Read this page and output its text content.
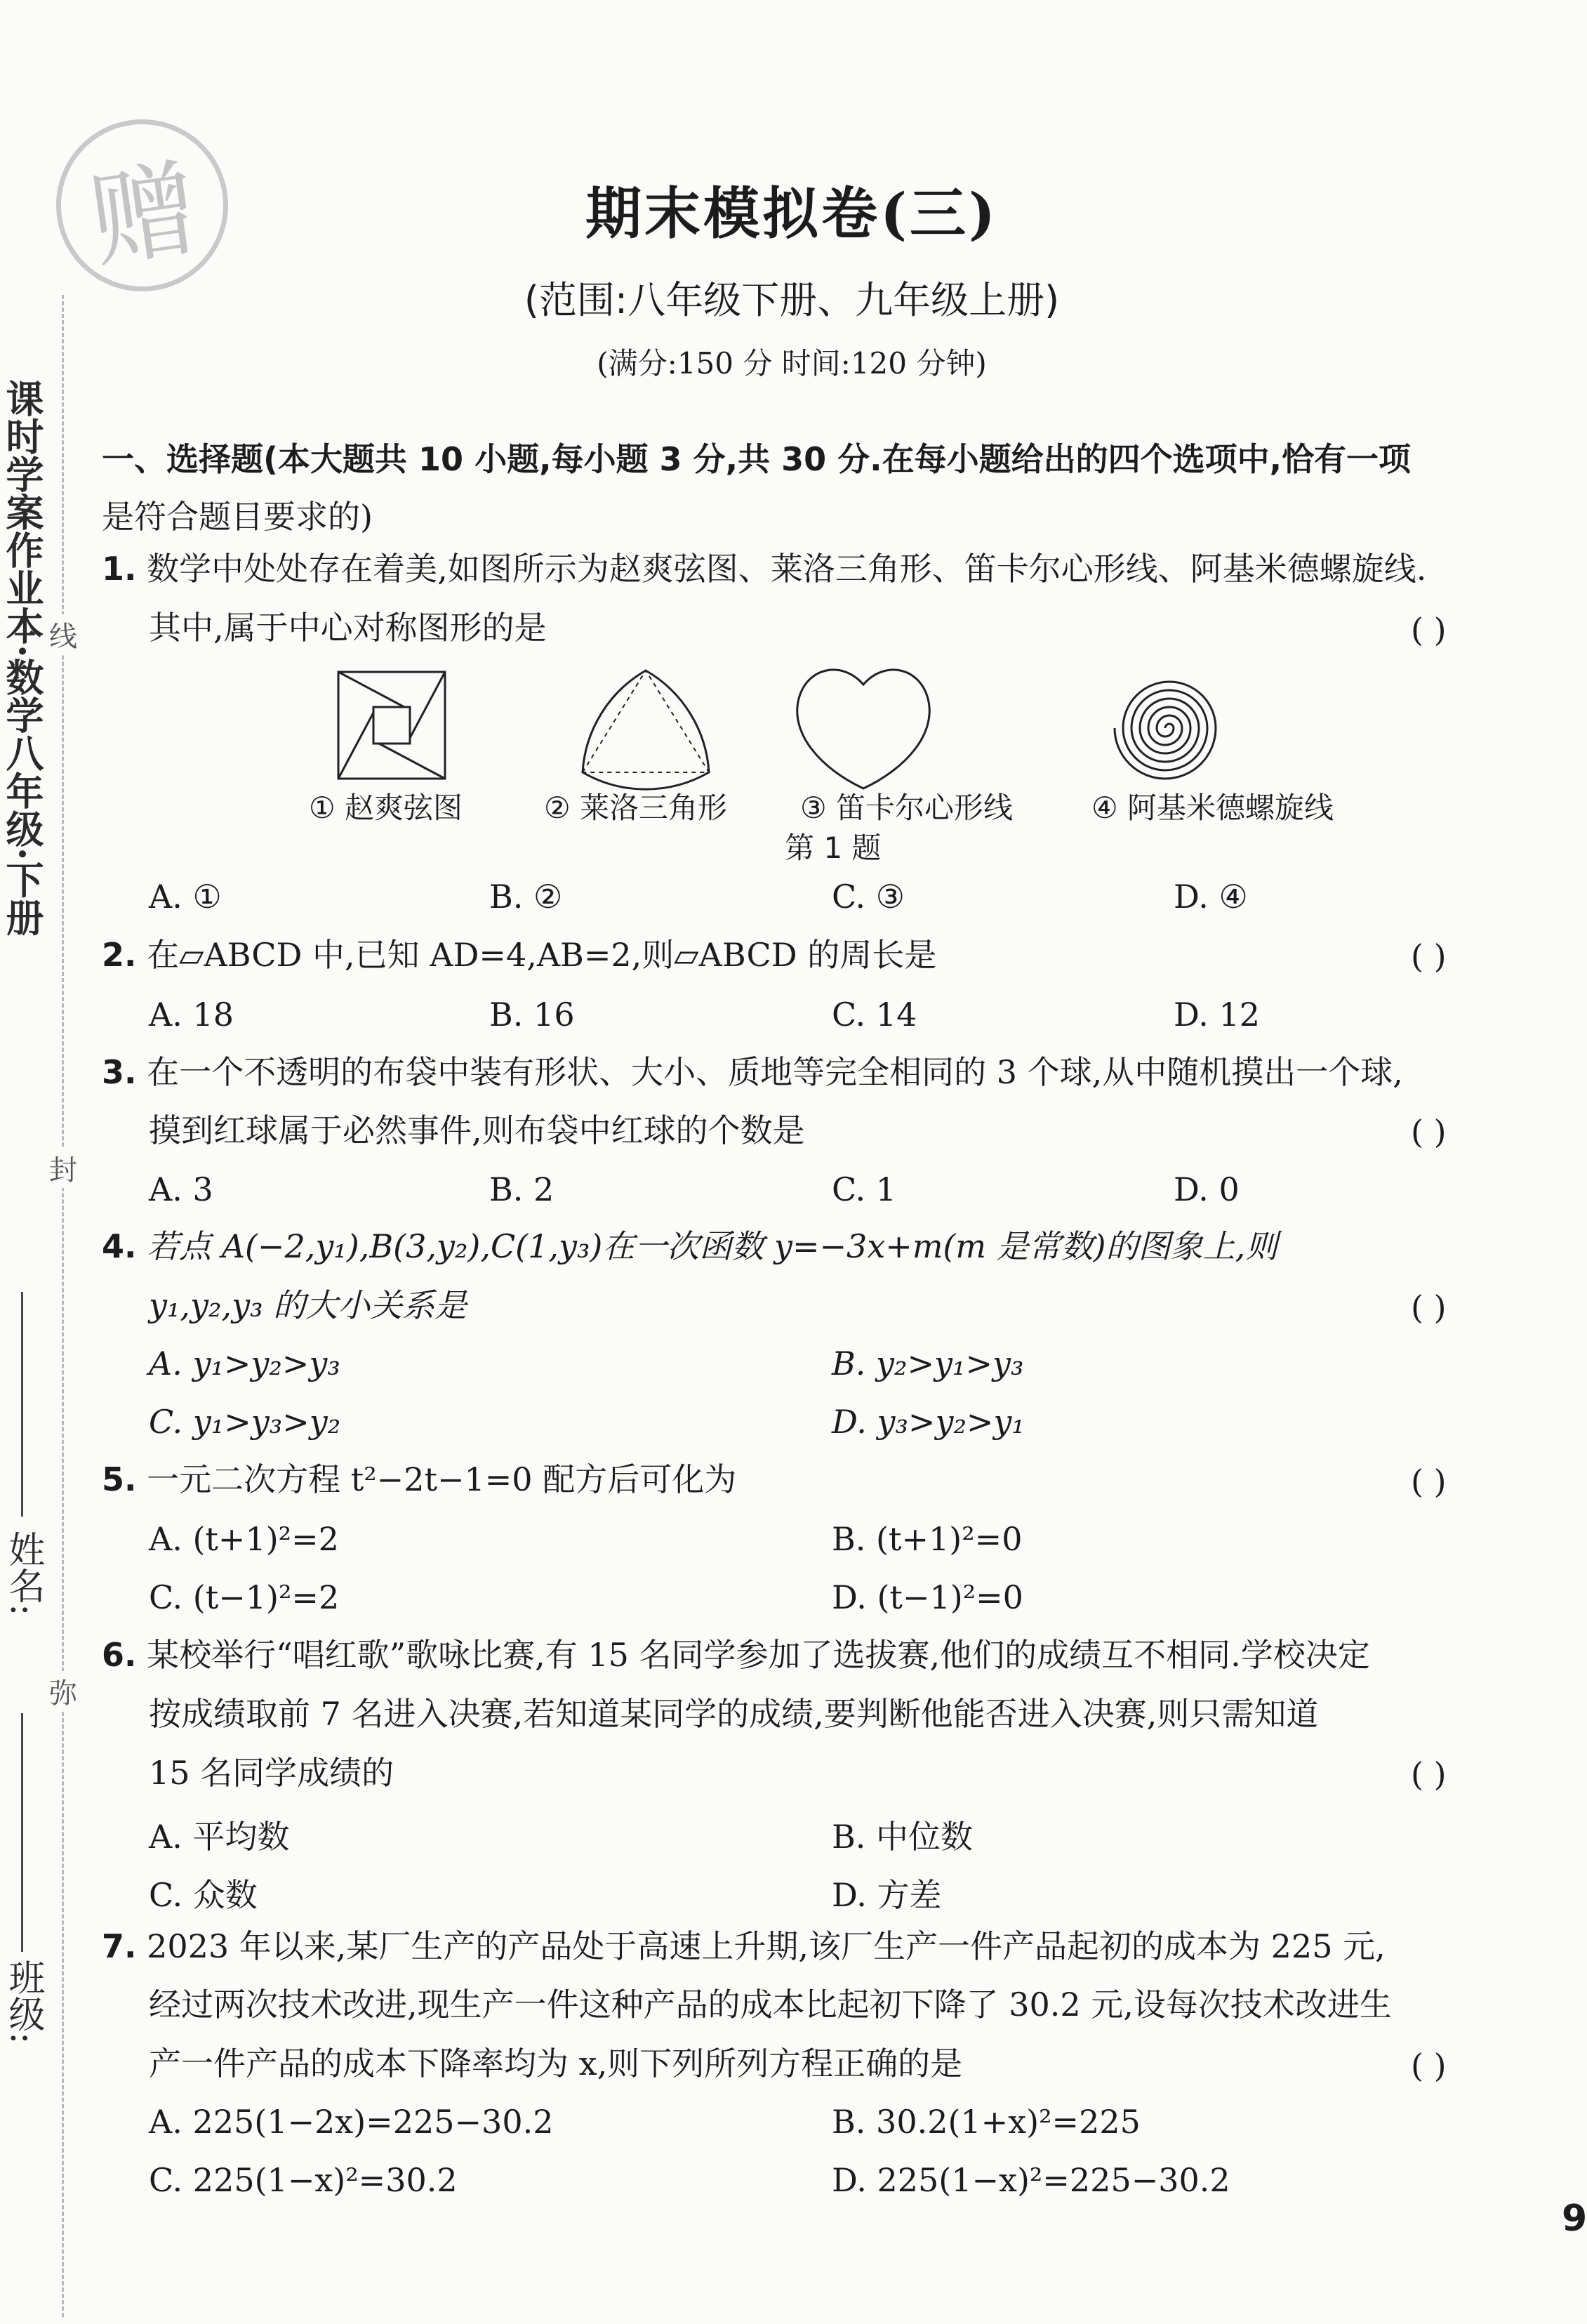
赠
课时学案作业本·数学八年级·下册 线
封
弥
姓名:
班级:
期末模拟卷(三)
(范围:八年级下册、九年级上册)
(满分:150 分 时间:120 分钟)
一、选择题(本大题共 10 小题,每小题 3 分,共 30 分.在每小题给出的四个选项中,恰有一项
是符合题目要求的)
1. 数学中处处存在着美,如图所示为赵爽弦图、莱洛三角形、笛卡尔心形线、阿基米德螺旋线.
其中,属于中心对称图形的是	( )
① 赵爽弦图	② 莱洛三角形 ③ 笛卡尔心形线	④ 阿基米德螺旋线
第 1 题
A. ①	B. ②	C. ③	D. ④
2. 在▱ABCD 中,已知 AD=4,AB=2,则▱ABCD 的周长是	( )
A. 18	B. 16	C. 14	D. 12
3. 在一个不透明的布袋中装有形状、大小、质地等完全相同的 3 个球,从中随机摸出一个球,
摸到红球属于必然事件,则布袋中红球的个数是	( )
A. 3	B. 2	C. 1	D. 0
4. 若点 A(−2,y₁),B(3,y₂),C(1,y₃)在一次函数 y=−3x+m(m 是常数)的图象上,则
y₁,y₂,y₃ 的大小关系是	( )
A. y₁>y₂>y₃	B. y₂>y₁>y₃
C. y₁>y₃>y₂	D. y₃>y₂>y₁
5. 一元二次方程 t²−2t−1=0 配方后可化为	( )
A. (t+1)²=2	B. (t+1)²=0
C. (t−1)²=2	D. (t−1)²=0
6. 某校举行“唱红歌”歌咏比赛,有 15 名同学参加了选拔赛,他们的成绩互不相同.学校决定
按成绩取前 7 名进入决赛,若知道某同学的成绩,要判断他能否进入决赛,则只需知道
15 名同学成绩的	( )
A. 平均数	B. 中位数
C. 众数	D. 方差
7. 2023 年以来,某厂生产的产品处于高速上升期,该厂生产一件产品起初的成本为 225 元,
经过两次技术改进,现生产一件这种产品的成本比起初下降了 30.2 元,设每次技术改进生
产一件产品的成本下降率均为 x,则下列所列方程正确的是	( )
A. 225(1−2x)=225−30.2	B. 30.2(1+x)²=225
C. 225(1−x)²=30.2	D. 225(1−x)²=225−30.2
9
